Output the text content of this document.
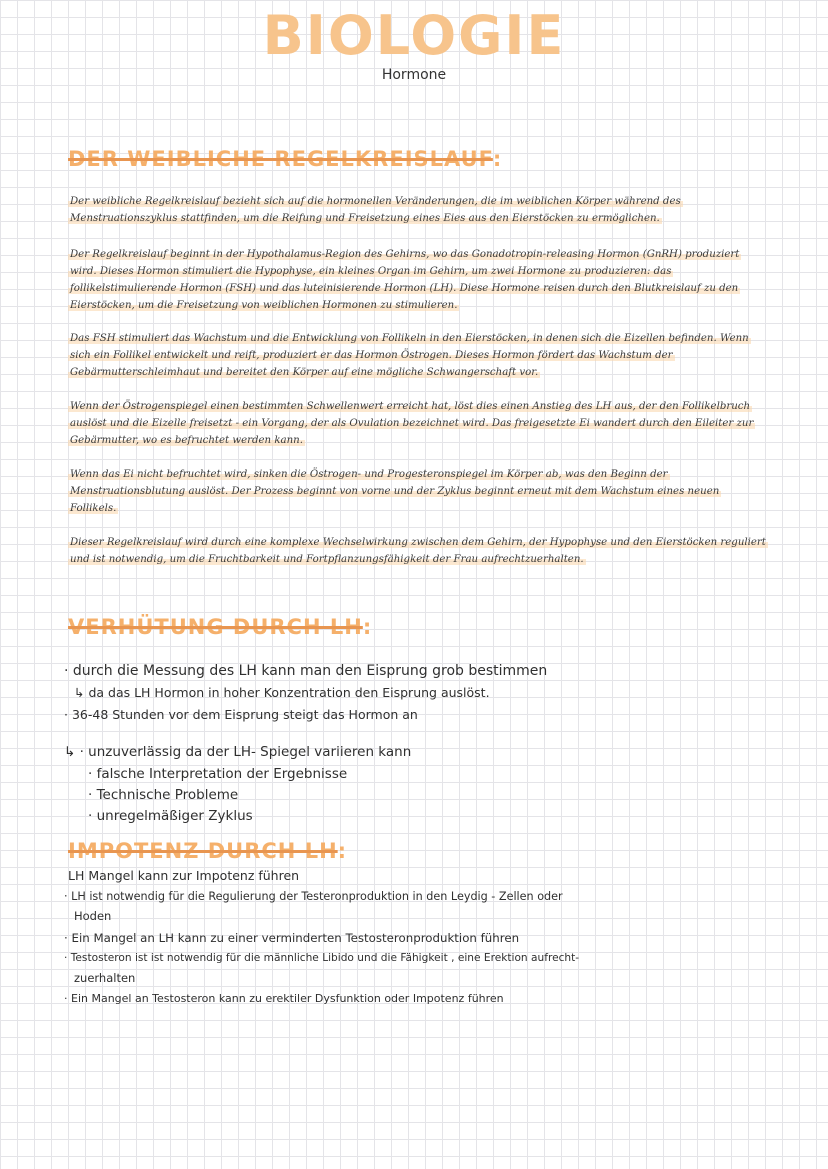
BIOLOGIE
Hormone
DER WEIBLICHE REGELKREISLAUF:
Der weibliche Regelkreislauf bezieht sich auf die hormonellen Veränderungen, die im weiblichen Körper während des Menstruationszyklus stattfinden, um die Reifung und Freisetzung eines Eies aus den Eierstöcken zu ermöglichen.
Der Regelkreislauf beginnt in der Hypothalamus-Region des Gehirns, wo das Gonadotropin-releasing Hormon (GnRH) produziert wird. Dieses Hormon stimuliert die Hypophyse, ein kleines Organ im Gehirn, um zwei Hormone zu produzieren: das follikelstimulierende Hormon (FSH) und das luteinisierende Hormon (LH). Diese Hormone reisen durch den Blutkreislauf zu den Eierstöcken, um die Freisetzung von weiblichen Hormonen zu stimulieren.
Das FSH stimuliert das Wachstum und die Entwicklung von Follikeln in den Eierstöcken, in denen sich die Eizellen befinden. Wenn sich ein Follikel entwickelt und reift, produziert er das Hormon Östrogen. Dieses Hormon fördert das Wachstum der Gebärmutterschleimhaut und bereitet den Körper auf eine mögliche Schwangerschaft vor.
Wenn der Östrogenspiegel einen bestimmten Schwellenwert erreicht hat, löst dies einen Anstieg des LH aus, der den Follikelbruch auslöst und die Eizelle freisetzt - ein Vorgang, der als Ovulation bezeichnet wird. Das freigesetzte Ei wandert durch den Eileiter zur Gebärmutter, wo es befruchtet werden kann.
Wenn das Ei nicht befruchtet wird, sinken die Östrogen- und Progesteronspiegel im Körper ab, was den Beginn der Menstruationsblutung auslöst. Der Prozess beginnt von vorne und der Zyklus beginnt erneut mit dem Wachstum eines neuen Follikels.
Dieser Regelkreislauf wird durch eine komplexe Wechselwirkung zwischen dem Gehirn, der Hypophyse und den Eierstöcken reguliert und ist notwendig, um die Fruchtbarkeit und Fortpflanzungsfähigkeit der Frau aufrechtzuerhalten.
VERHÜTUNG DURCH LH:
· durch die Messung des LH kann man den Eisprung grob bestimmen
↳ da das LH Hormon in hoher Konzentration den Eisprung auslöst.
· 36-48 Stunden vor dem Eisprung steigt das Hormon an
↳ · unzuverlässig da der LH- Spiegel variieren kann
· falsche Interpretation der Ergebnisse
· Technische Probleme
· unregelmäßiger Zyklus
IMPOTENZ DURCH LH:
LH Mangel kann zur Impotenz führen
· LH ist notwendig für die Regulierung der Testeronproduktion in den Leydig - Zellen oder
Hoden
· Ein Mangel an LH kann zu einer verminderten Testosteronproduktion führen
· Testosteron ist ist notwendig für die männliche Libido und die Fähigkeit , eine Erektion aufrecht-
zuerhalten
· Ein Mangel an Testosteron kann zu erektiler Dysfunktion oder Impotenz führen
